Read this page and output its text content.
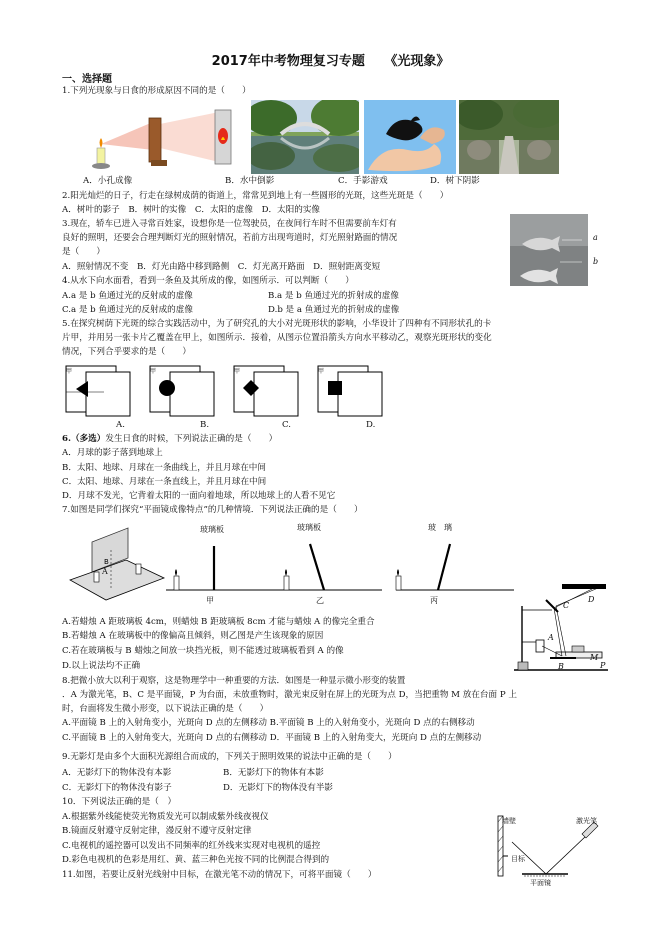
2017年中考物理复习专题　　《光现象》
一、选择题
1.下列光现象与日食的形成原因不同的是（　　）
A．小孔成像	B．水中倒影	C．手影游戏	D．树下阴影
2.阳光灿烂的日子，行走在绿树成荫的街道上，常常见到地上有一些圆形的光斑，这些光斑是（　　）
A．树叶的影子　B．树叶的实像　C．太阳的虚像　D．太阳的实像
3.现在，轿车已进入寻常百姓家，设想你是一位驾驶员，在夜间行车时不但需要前车灯有
良好的照明，还要会合理判断灯光的照射情况，若前方出现弯道时，灯光照射路面的情况
是（　　）
A．照射情况不变　B．灯光由路中移到路侧　C．灯光离开路面　D．照射距离变短
a
b
4.从水下向水面看，看到一条鱼及其所成的像，如图所示．可以判断（　　）
A.a 是 b 鱼通过光的反射成的虚像	B.a 是 b 鱼通过光的折射成的虚像
C.a 是 b 鱼通过光的反射成的虚像	D.b 是 a 鱼通过光的折射成的虚像
5.在探究树荫下光斑的综合实践活动中，为了研究孔的大小对光斑形状的影响，小华设计了四种有不同形状孔的卡
片甲，并用另一张卡片乙覆盖在甲上，如图所示．接着，从图示位置沿箭头方向水平移动乙，观察光斑形状的变化
情况，下列合乎要求的是（　　）
甲	甲	甲	甲
A.	B.	C.	D.
6.（多选）发生日食的时候，下列说法正确的是（　　）
A．月球的影子落到地球上
B．太阳、地球、月球在一条曲线上，并且月球在中间
C．太阳、地球、月球在一条直线上，并且月球在中间
D．月球不发光，它背着太阳的一面向着地球，所以地球上的人看不见它
7.如图是同学们探究“平面镜成像特点”的几种情境．下列说法正确的是（　　）
B
A
玻璃板	玻璃板	玻　璃
甲	乙	丙
A.若蜡烛 A 距玻璃板 4cm，则蜡烛 B 距玻璃板 8cm 才能与蜡烛 A 的像完全重合
B.若蜡烛 A 在玻璃板中的像偏高且倾斜，则乙图是产生该现象的原因
C.若在玻璃板与 B 蜡烛之间放一块挡光板，则不能透过玻璃板看到 A 的像
D.以上说法均不正确
D
C
A
B
M
P
8.把微小放大以利于观察，这是物理学中一种重要的方法．如图是一种显示微小形变的装置
．A 为激光笔，B、C 是平面镜，P 为台面，未放重物时，激光束反射在屏上的光斑为点 D，当把重物 M 放在台面 P 上
时，台面将发生微小形变，以下说法正确的是（　　）
A.平面镜 B 上的入射角变小，光斑向 D 点的左侧移动 B.平面镜 B 上的入射角变小，光斑向 D 点的右侧移动
C.平面镜 B 上的入射角变大，光斑向 D 点的右侧移动 D．平面镜 B 上的入射角变大，光斑向 D 点的左侧移动
9.无影灯是由多个大面积光源组合而成的，下列关于照明效果的说法中正确的是（　　）
A．无影灯下的物体没有本影	B．无影灯下的物体有本影
C．无影灯下的物体没有影子	D．无影灯下的物体没有半影
10．下列说法正确的是（　）
A.根据紫外线能使荧光物质发光可以制成紫外线夜视仪
B.镜面反射遵守反射定律，漫反射不遵守反射定律
C.电视机的遥控器可以发出不同频率的红外线来实现对电视机的遥控
D.彩色电视机的色彩是用红、黄、蓝三种色光按不同的比例混合得到的
11.如图，若要让反射光线射中目标，在激光笔不动的情况下，可将平面镜（　　）
墙壁	激光笔
目标
平面镜
